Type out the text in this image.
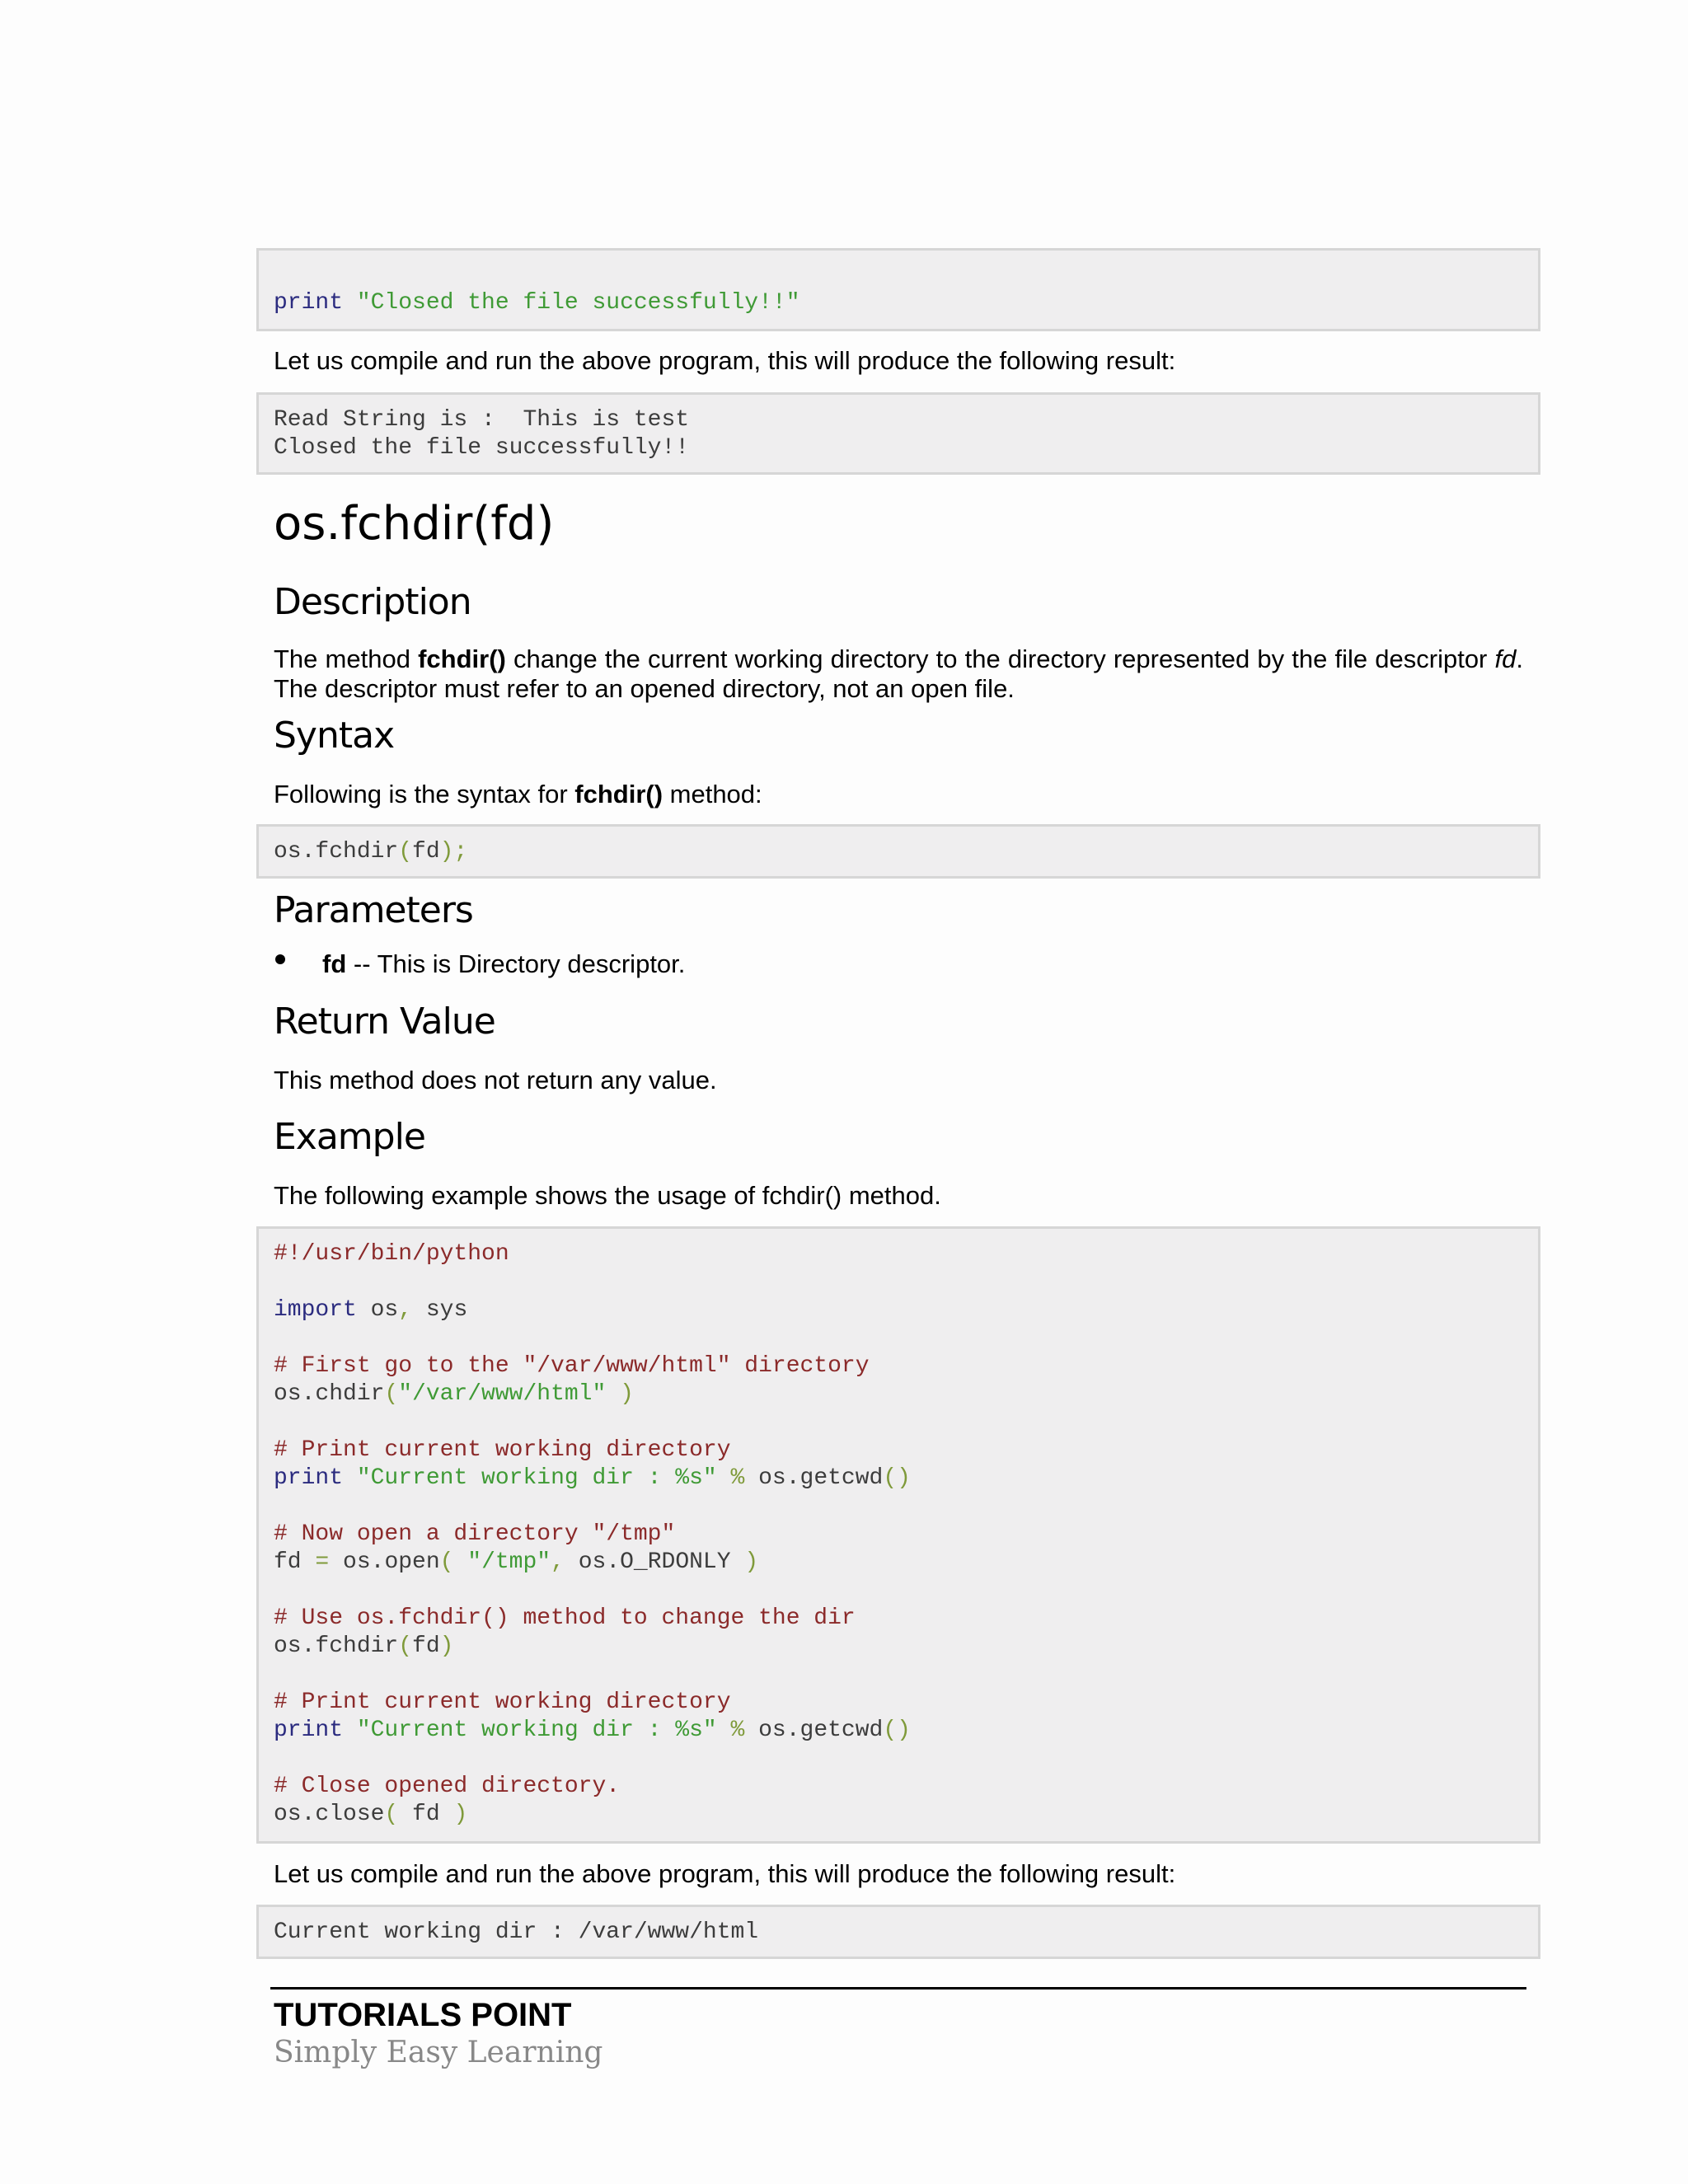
print "Closed the file successfully!!"
Let us compile and run the above program, this will produce the following result:
Read String is :  This is test
Closed the file successfully!!
os.fchdir(fd)
Description
The method fchdir() change the current working directory to the directory represented by the file descriptor fd. The descriptor must refer to an opened directory, not an open file.
Syntax
Following is the syntax for fchdir() method:
os.fchdir(fd);
Parameters
fd -- This is Directory descriptor.
Return Value
This method does not return any value.
Example
The following example shows the usage of fchdir() method.
#!/usr/bin/python

import os, sys

# First go to the "/var/www/html" directory
os.chdir("/var/www/html" )

# Print current working directory
print "Current working dir : %s" % os.getcwd()

# Now open a directory "/tmp"
fd = os.open( "/tmp", os.O_RDONLY )

# Use os.fchdir() method to change the dir
os.fchdir(fd)

# Print current working directory
print "Current working dir : %s" % os.getcwd()

# Close opened directory.
os.close( fd )
Let us compile and run the above program, this will produce the following result:
Current working dir : /var/www/html
TUTORIALS POINT
Simply Easy Learning
